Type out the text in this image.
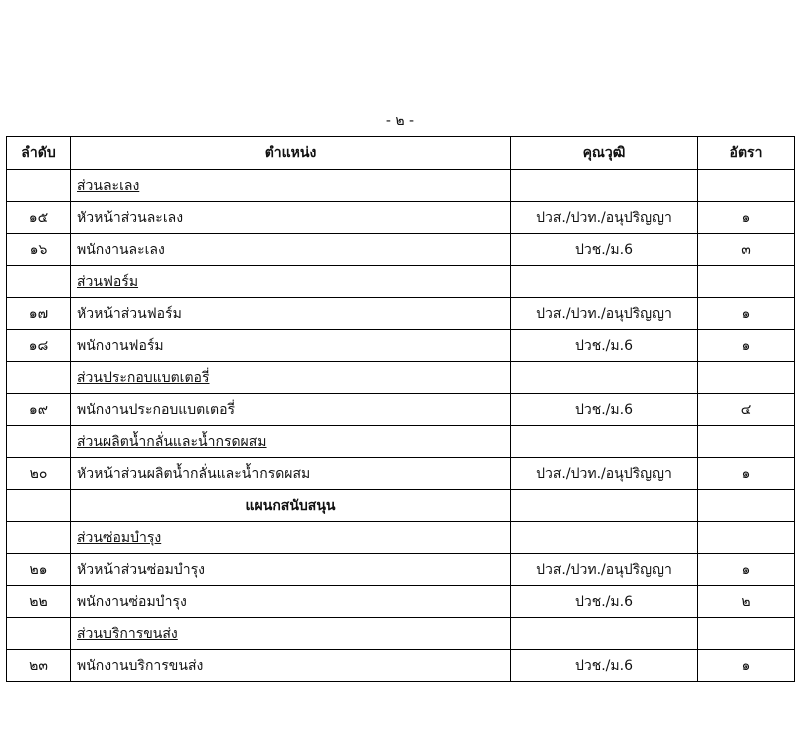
- ๒ -
ลำดับ	ตำแหน่ง	คุณวุฒิ	อัตรา
	ส่วนละเลง		
๑๕	หัวหน้าส่วนละเลง	ปวส./ปวท./อนุปริญญา	๑
๑๖	พนักงานละเลง	ปวช./ม.6	๓
	ส่วนฟอร์ม		
๑๗	หัวหน้าส่วนฟอร์ม	ปวส./ปวท./อนุปริญญา	๑
๑๘	พนักงานฟอร์ม	ปวช./ม.6	๑
	ส่วนประกอบแบตเตอรี่		
๑๙	พนักงานประกอบแบตเตอรี่	ปวช./ม.6	๔
	ส่วนผลิตน้ำกลั่นและน้ำกรดผสม		
๒๐	หัวหน้าส่วนผลิตน้ำกลั่นและน้ำกรดผสม	ปวส./ปวท./อนุปริญญา	๑
	แผนกสนับสนุน		
	ส่วนซ่อมบำรุง		
๒๑	หัวหน้าส่วนซ่อมบำรุง	ปวส./ปวท./อนุปริญญา	๑
๒๒	พนักงานซ่อมบำรุง	ปวช./ม.6	๒
	ส่วนบริการขนส่ง		
๒๓	พนักงานบริการขนส่ง	ปวช./ม.6	๑
